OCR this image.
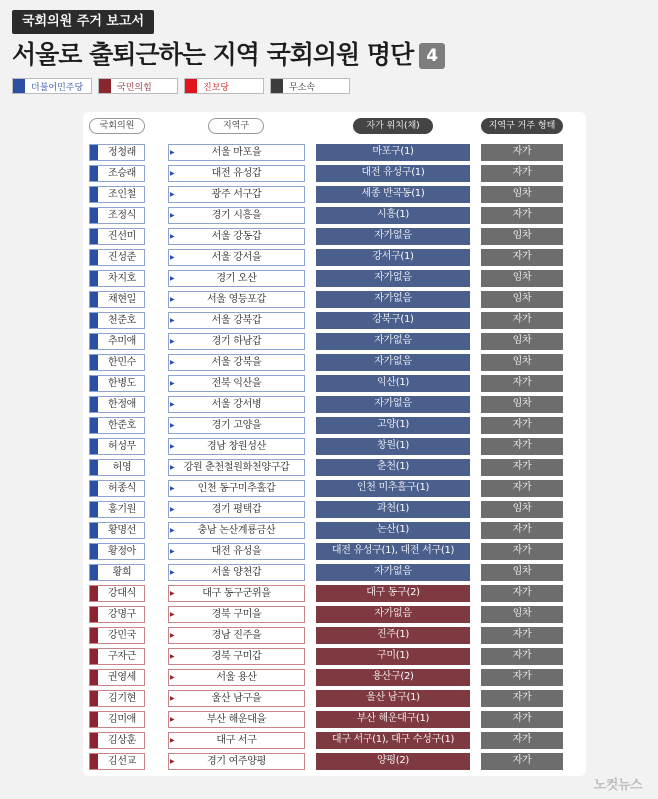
국회의원 주거 보고서
서울로 출퇴근하는 지역 국회의원 명단 4
더불어민주당	국민의힘	진보당	무소속
국회의원	지역구	자가 위치(채)	지역구 거주 형태
정청래	▶	서울 마포을	마포구(1)	자가
조승래	▶	대전 유성갑	대전 유성구(1)	자가
조인철	▶	광주 서구갑	세종 반곡동(1)	임차
조정식	▶	경기 시흥을	시흥(1)	자가
진선미	▶	서울 강동갑	자가없음	임차
진성준	▶	서울 강서을	강서구(1)	자가
차지호	▶	경기 오산	자가없음	임차
채현일	▶	서울 영등포갑	자가없음	임차
천준호	▶	서울 강북갑	강북구(1)	자가
추미애	▶	경기 하남갑	자가없음	임차
한민수	▶	서울 강북을	자가없음	임차
한병도	▶	전북 익산을	익산(1)	자가
한정애	▶	서울 강서병	자가없음	임차
한준호	▶	경기 고양을	고양(1)	자가
허성무	▶	경남 창원성산	창원(1)	자가
허영	▶ 강원 춘천철원화천양구갑	춘천(1)	자가
허종식	▶ 인천 동구미추홀갑	인천 미추홀구(1)	자가
홍기원	▶	경기 평택갑	과천(1)	임차
황명선	▶ 충남 논산계룡금산	논산(1)	자가
황정아	▶	대전 유성을	대전 유성구(1), 대전 서구(1)	자가
황희	▶	서울 양천갑	자가없음	임차
강대식	▶	대구 동구군위을	대구 동구(2)	자가
강명구	▶	경북 구미을	자가없음	임차
강민국	▶	경남 진주을	진주(1)	자가
구자근	▶	경북 구미갑	구미(1)	자가
권영세	▶	서울 용산	용산구(2)	자가
김기현	▶	울산 남구을	울산 남구(1)	자가
김미애	▶	부산 해운대을	부산 해운대구(1)	자가
김상훈	▶	대구 서구	대구 서구(1), 대구 수성구(1)	자가
김선교	▶	경기 여주양평	양평(2)	자가
노컷뉴스
